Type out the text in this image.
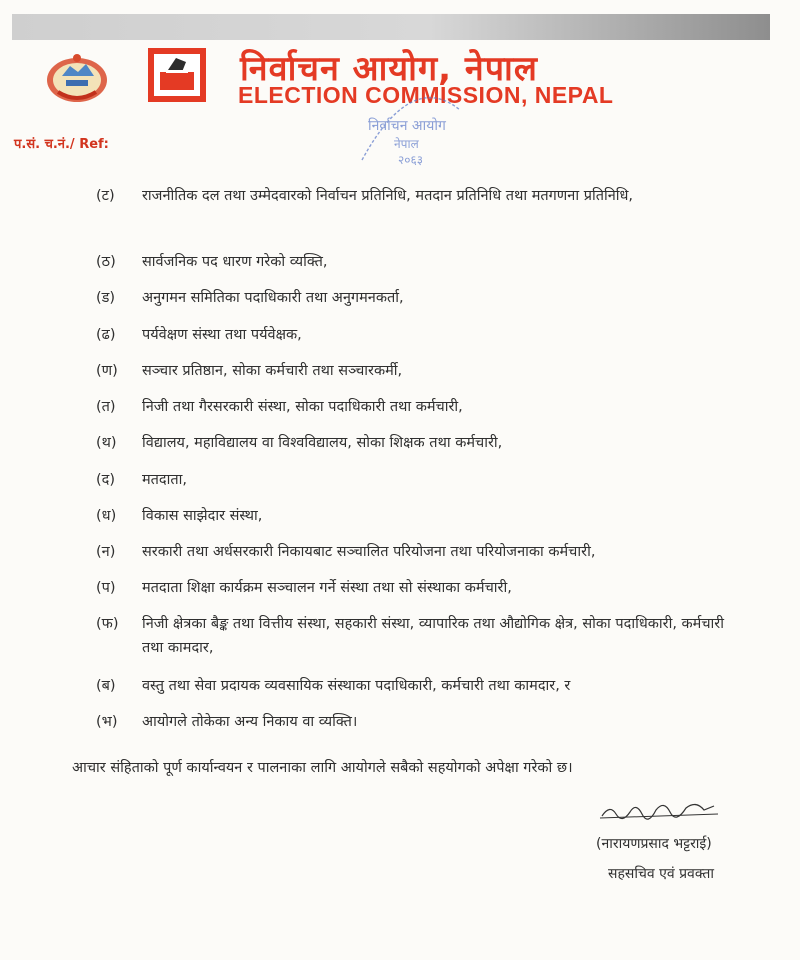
निर्वाचन आयोग, नेपाल
ELECTION COMMISSION, NEPAL
प.सं. च.नं./ Ref:
निर्वाचन आयोग
नेपाल
२०६३
(ट)	राजनीतिक दल तथा उम्मेदवारको निर्वाचन प्रतिनिधि, मतदान प्रतिनिधि तथा मतगणना प्रतिनिधि,
(ठ)	सार्वजनिक पद धारण गरेको व्यक्ति,
(ड)	अनुगमन समितिका पदाधिकारी तथा अनुगमनकर्ता,
(ढ)	पर्यवेक्षण संस्था तथा पर्यवेक्षक,
(ण)	सञ्चार प्रतिष्ठान, सोका कर्मचारी तथा सञ्चारकर्मी,
(त)	निजी तथा गैरसरकारी संस्था, सोका पदाधिकारी तथा कर्मचारी,
(थ)	विद्यालय, महाविद्यालय वा विश्वविद्यालय, सोका शिक्षक तथा कर्मचारी,
(द)	मतदाता,
(ध)	विकास साझेदार संस्था,
(न)	सरकारी तथा अर्धसरकारी निकायबाट सञ्चालित परियोजना तथा परियोजनाका कर्मचारी,
(प)	मतदाता शिक्षा कार्यक्रम सञ्चालन गर्ने संस्था तथा सो संस्थाका कर्मचारी,
(फ)	निजी क्षेत्रका बैङ्क तथा वित्तीय संस्था, सहकारी संस्था, व्यापारिक तथा औद्योगिक क्षेत्र, सोका पदाधिकारी, कर्मचारी तथा कामदार,
(ब)	वस्तु तथा सेवा प्रदायक व्यवसायिक संस्थाका पदाधिकारी, कर्मचारी तथा कामदार, र
(भ)	आयोगले तोकेका अन्य निकाय वा व्यक्ति।
आचार संहिताको पूर्ण कार्यान्वयन र पालनाका लागि आयोगले सबैको सहयोगको अपेक्षा गरेको छ।
(नारायणप्रसाद भट्टराई)
सहसचिव एवं प्रवक्ता
